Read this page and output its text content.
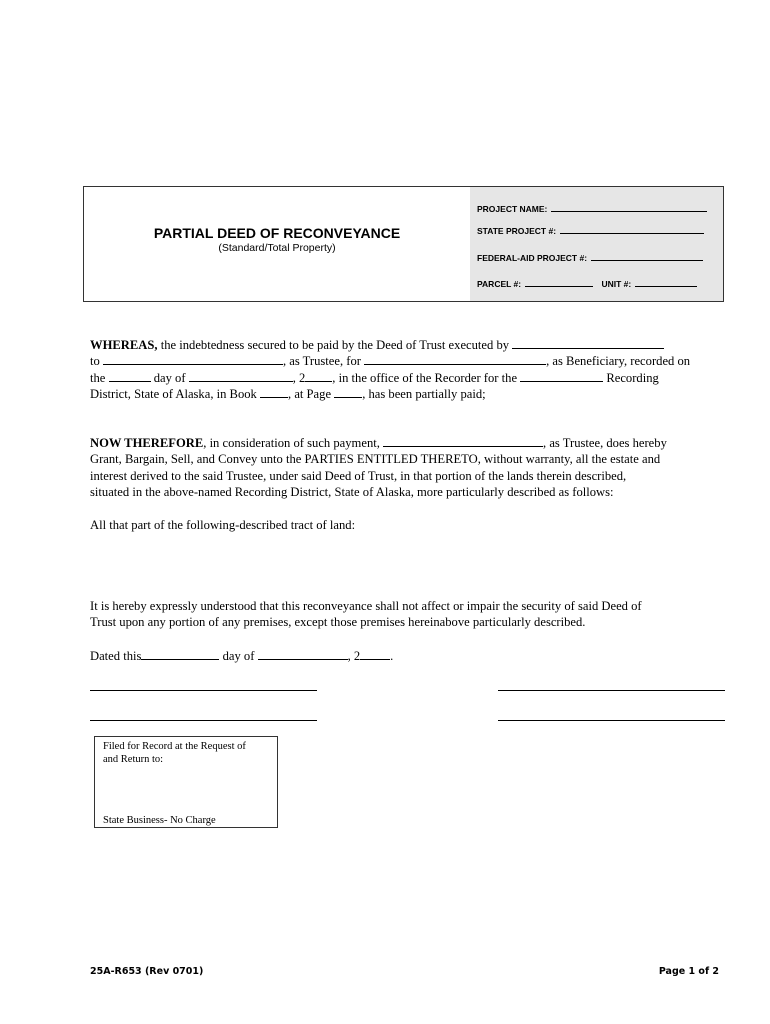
PARTIAL DEED OF RECONVEYANCE
(Standard/Total Property)
PROJECT NAME:
STATE PROJECT #:
FEDERAL-AID PROJECT #:
PARCEL #:	UNIT #:
WHEREAS, the indebtedness secured to be paid by the Deed of Trust executed by
to	, as Trustee, for	, as Beneficiary, recorded on
the	day of	, 2 , in the office of the Recorder for the	Recording
District, State of Alaska, in Book , at Page , has been partially paid;
NOW THEREFORE, in consideration of such payment,	, as Trustee, does hereby
Grant, Bargain, Sell, and Convey unto the PARTIES ENTITLED THERETO, without warranty, all the estate and
interest derived to the said Trustee, under said Deed of Trust, in that portion of the lands therein described,
situated in the above-named Recording District, State of Alaska, more particularly described as follows:
All that part of the following-described tract of land:
It is hereby expressly understood that this reconveyance shall not affect or impair the security of said Deed of
Trust upon any portion of any premises, except those premises hereinabove particularly described.
Dated this	day of	, 2 .
Filed for Record at the Request of
and Return to:
State Business- No Charge
25A-R653 (Rev 0701)	Page 1 of 2
